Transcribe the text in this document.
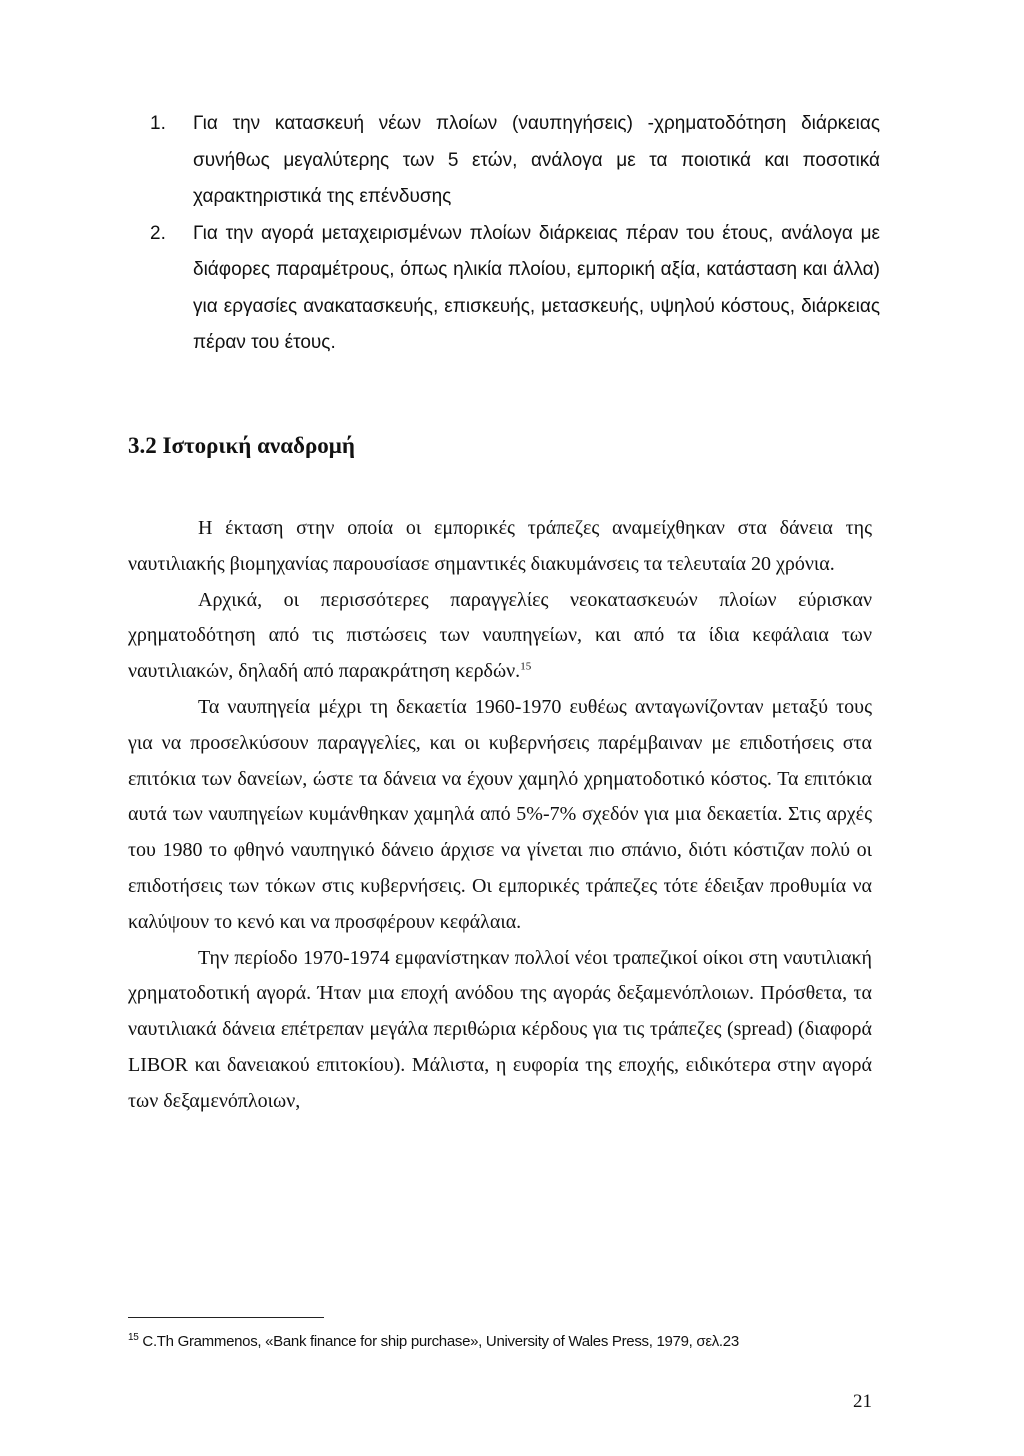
1. Για την κατασκευή νέων πλοίων (ναυπηγήσεις) -χρηματοδότηση διάρκειας συνήθως μεγαλύτερης των 5 ετών, ανάλογα με τα ποιοτικά και ποσοτικά χαρακτηριστικά της επένδυσης
2. Για την αγορά μεταχειρισμένων πλοίων διάρκειας πέραν του έτους, ανάλογα με διάφορες παραμέτρους, όπως ηλικία πλοίου, εμπορική αξία, κατάσταση και άλλα) για εργασίες ανακατασκευής, επισκευής, μετασκευής, υψηλού κόστους, διάρκειας πέραν του έτους.
3.2 Ιστορική αναδρομή

Η έκταση στην οποία οι εμπορικές τράπεζες αναμείχθηκαν στα δάνεια της ναυτιλιακής βιομηχανίας παρουσίασε σημαντικές διακυμάνσεις τα τελευταία 20 χρόνια.

Αρχικά, οι περισσότερες παραγγελίες νεοκατασκευών πλοίων εύρισκαν χρηματοδότηση από τις πιστώσεις των ναυπηγείων, και από τα ίδια κεφάλαια των ναυτιλιακών, δηλαδή από παρακράτηση κερδών.$^{15}$

Τα ναυπηγεία μέχρι τη δεκαετία 1960-1970 ευθέως ανταγωνίζονταν μεταξύ τους για να προσελκύσουν παραγγελίες, και οι κυβερνήσεις παρέμβαιναν με επιδοτήσεις στα επιτόκια των δανείων, ώστε τα δάνεια να έχουν χαμηλό χρηματοδοτικό κόστος. Τα επιτόκια αυτά των ναυπηγείων κυμάνθηκαν χαμηλά από 5%-7% σχεδόν για μια δεκαετία. Στις αρχές του 1980 το φθηνό ναυπηγικό δάνειο άρχισε να γίνεται πιο σπάνιο, διότι κόστιζαν πολύ οι επιδοτήσεις των τόκων στις κυβερνήσεις. Οι εμπορικές τράπεζες τότε έδειξαν προθυμία να καλύψουν το κενό και να προσφέρουν κεφάλαια.

Την περίοδο 1970-1974 εμφανίστηκαν πολλοί νέοι τραπεζικοί οίκοι στη ναυτιλιακή χρηματοδοτική αγορά. Ήταν μια εποχή ανόδου της αγοράς δεξαμενόπλοιων. Πρόσθετα, τα ναυτιλιακά δάνεια επέτρεπαν μεγάλα περιθώρια κέρδους για τις τράπεζες (spread) (διαφορά LIBOR και δανειακού επιτοκίου). Μάλιστα, η ευφορία της εποχής, ειδικότερα στην αγορά των δεξαμενόπλοιων,

$^{15}$ C.Th Grammenos, «Bank finance for ship purchase», University of Wales Press, 1979, σελ.23

21
